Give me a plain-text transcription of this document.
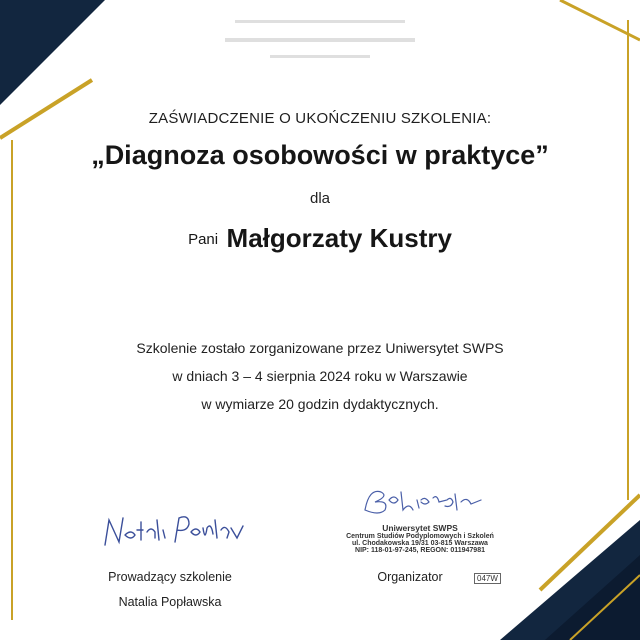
ZAŚWIADCZENIE O UKOŃCZENIU SZKOLENIA:
„Diagnoza osobowości w praktyce”
dla
Pani Małgorzaty Kustry
Szkolenie zostało zorganizowane przez Uniwersytet SWPS
w dniach 3 – 4 sierpnia 2024 roku w Warszawie
w wymiarze 20 godzin dydaktycznych.
Uniwersytet SWPS
Centrum Studiów Podyplomowych i Szkoleń
ul. Chodakowska 19/31 03-815 Warszawa
NIP: 118-01-97-245, REGON: 011947981
Prowadzący szkolenie
Natalia Popławska
Organizator	047W
